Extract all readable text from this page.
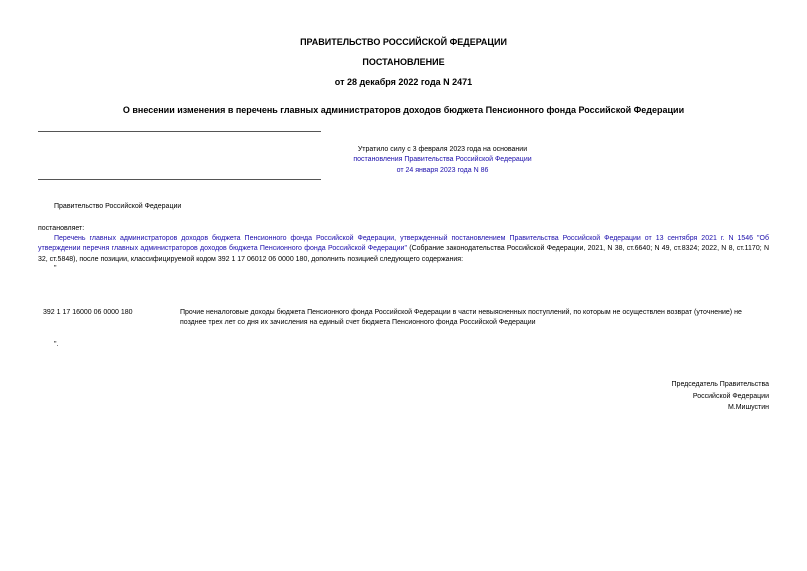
ПРАВИТЕЛЬСТВО РОССИЙСКОЙ ФЕДЕРАЦИИ
ПОСТАНОВЛЕНИЕ
от 28 декабря 2022 года N 2471
О внесении изменения в перечень главных администраторов доходов бюджета Пенсионного фонда Российской Федерации
Утратило силу с 3 февраля 2023 года на основании
постановления Правительства Российской Федерации
от 24 января 2023 года N 86
Правительство Российской Федерации
постановляет:
Перечень главных администраторов доходов бюджета Пенсионного фонда Российской Федерации, утвержденный постановлением Правительства Российской Федерации от 13 сентября 2021 г. N 1546 "Об утверждении перечня главных администраторов доходов бюджета Пенсионного фонда Российской Федерации" (Собрание законодательства Российской Федерации, 2021, N 38, ст.6640; N 49, ст.8324; 2022, N 8, ст.1170; N 32, ст.5848), после позиции, классифицируемой кодом 392 1 17 06012 06 0000 180, дополнить позицией следующего содержания:
"
392 1 17 16000 06 0000 180	Прочие неналоговые доходы бюджета Пенсионного фонда Российской Федерации в части невыясненных поступлений, по которым не осуществлен возврат (уточнение) не позднее трех лет со дня их зачисления на единый счет бюджета Пенсионного фонда Российской Федерации
".
Председатель Правительства
Российской Федерации
М.Мишустин
